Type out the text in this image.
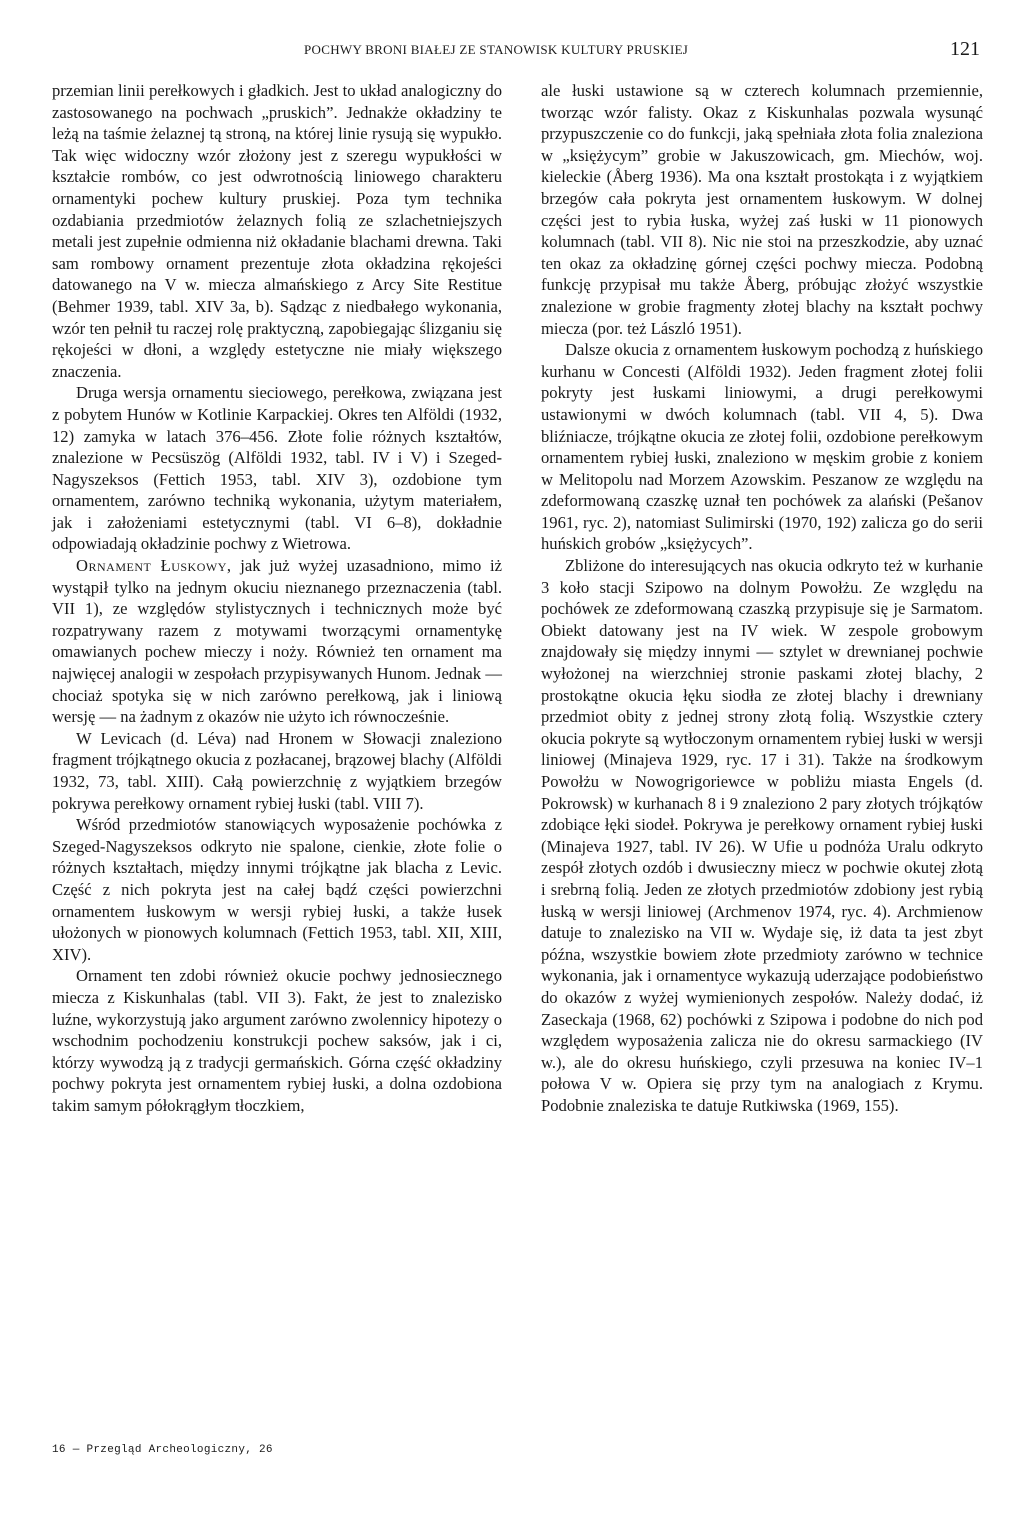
POCHWY BRONI BIAŁEJ ZE STANOWISK KULTURY PRUSKIEJ	121

przemian linii perełkowych i gładkich. Jest to układ analogiczny do zastosowanego na pochwach „pruskich”. Jednakże okładziny te leżą na taśmie żelaznej tą stroną, na której linie rysują się wypukło. Tak więc widoczny wzór złożony jest z szeregu wypukłości w kształcie rombów, co jest odwrotnością liniowego charakteru ornamentyki pochew kultury pruskiej. Poza tym technika ozdabiania przedmiotów żelaznych folią ze szlachetniejszych metali jest zupełnie odmienna niż okładanie blachami drewna. Taki sam rombowy ornament prezentuje złota okładzina rękojeści datowanego na V w. miecza almańskiego z Arcy Site Restitue (Behmer 1939, tabl. XIV 3a, b). Sądząc z niedbałego wykonania, wzór ten pełnił tu raczej rolę praktyczną, zapobiegając ślizganiu się rękojeści w dłoni, a względy estetyczne nie miały większego znaczenia.

Druga wersja ornamentu sieciowego, perełkowa, związana jest z pobytem Hunów w Kotlinie Karpackiej. Okres ten Alföldi (1932, 12) zamyka w latach 376–456. Złote folie różnych kształtów, znalezione w Pecsüszög (Alföldi 1932, tabl. IV i V) i Szeged-Nagyszeksos (Fettich 1953, tabl. XIV 3), ozdobione tym ornamentem, zarówno techniką wykonania, użytym materiałem, jak i założeniami estetycznymi (tabl. VI 6–8), dokładnie odpowiadają okładzinie pochwy z Wietrowa.

Ornament Łuskowy, jak już wyżej uzasadniono, mimo iż wystąpił tylko na jednym okuciu nieznanego przeznaczenia (tabl. VII 1), ze względów stylistycznych i technicznych może być rozpatrywany razem z motywami tworzącymi ornamentykę omawianych pochew mieczy i noży. Również ten ornament ma najwięcej analogii w zespołach przypisywanych Hunom. Jednak — chociaż spotyka się w nich zarówno perełkową, jak i liniową wersję — na żadnym z okazów nie użyto ich równocześnie.

W Levicach (d. Léva) nad Hronem w Słowacji znaleziono fragment trójkątnego okucia z pozłacanej, brązowej blachy (Alföldi 1932, 73, tabl. XIII). Całą powierzchnię z wyjątkiem brzegów pokrywa perełkowy ornament rybiej łuski (tabl. VIII 7).

Wśród przedmiotów stanowiących wyposażenie pochówka z Szeged-Nagyszeksos odkryto nie spalone, cienkie, złote folie o różnych kształtach, między innymi trójkątne jak blacha z Levic. Część z nich pokryta jest na całej bądź części powierzchni ornamentem łuskowym w wersji rybiej łuski, a także łusek ułożonych w pionowych kolumnach (Fettich 1953, tabl. XII, XIII, XIV).

Ornament ten zdobi również okucie pochwy jednosiecznego miecza z Kiskunhalas (tabl. VII 3). Fakt, że jest to znalezisko luźne, wykorzystują jako argument zarówno zwolennicy hipotezy o wschodnim pochodzeniu konstrukcji pochew saksów, jak i ci, którzy wywodzą ją z tradycji germańskich. Górna część okładziny pochwy pokryta jest ornamentem rybiej łuski, a dolna ozdobiona takim samym półokrągłym tłoczkiem,

ale łuski ustawione są w czterech kolumnach przemiennie, tworząc wzór falisty. Okaz z Kiskunhalas pozwala wysunąć przypuszczenie co do funkcji, jaką spełniała złota folia znaleziona w „księżycym” grobie w Jakuszowicach, gm. Miechów, woj. kieleckie (Åberg 1936). Ma ona kształt prostokąta i z wyjątkiem brzegów cała pokryta jest ornamentem łuskowym. W dolnej części jest to rybia łuska, wyżej zaś łuski w 11 pionowych kolumnach (tabl. VII 8). Nic nie stoi na przeszkodzie, aby uznać ten okaz za okładzinę górnej części pochwy miecza. Podobną funkcję przypisał mu także Åberg, próbując złożyć wszystkie znalezione w grobie fragmenty złotej blachy na kształt pochwy miecza (por. też László 1951).

Dalsze okucia z ornamentem łuskowym pochodzą z huńskiego kurhanu w Concesti (Alföldi 1932). Jeden fragment złotej folii pokryty jest łuskami liniowymi, a drugi perełkowymi ustawionymi w dwóch kolumnach (tabl. VII 4, 5). Dwa bliźniacze, trójkątne okucia ze złotej folii, ozdobione perełkowym ornamentem rybiej łuski, znaleziono w męskim grobie z koniem w Melitopolu nad Morzem Azowskim. Peszanow ze względu na zdeformowaną czaszkę uznał ten pochówek za alański (Pešanov 1961, ryc. 2), natomiast Sulimirski (1970, 192) zalicza go do serii huńskich grobów „księżycych”.

Zbliżone do interesujących nas okucia odkryto też w kurhanie 3 koło stacji Szipowo na dolnym Powołżu. Ze względu na pochówek ze zdeformowaną czaszką przypisuje się je Sarmatom. Obiekt datowany jest na IV wiek. W zespole grobowym znajdowały się między innymi — sztylet w drewnianej pochwie wyłożonej na wierzchniej stronie paskami złotej blachy, 2 prostokątne okucia łęku siodła ze złotej blachy i drewniany przedmiot obity z jednej strony złotą folią. Wszystkie cztery okucia pokryte są wytłoczonym ornamentem rybiej łuski w wersji liniowej (Minajeva 1929, ryc. 17 i 31). Także na środkowym Powołżu w Nowogrigoriewce w pobliżu miasta Engels (d. Pokrowsk) w kurhanach 8 i 9 znaleziono 2 pary złotych trójkątów zdobiące łęki siodeł. Pokrywa je perełkowy ornament rybiej łuski (Minajeva 1927, tabl. IV 26). W Ufie u podnóża Uralu odkryto zespół złotych ozdób i dwusieczny miecz w pochwie okutej złotą i srebrną folią. Jeden ze złotych przedmiotów zdobiony jest rybią łuską w wersji liniowej (Archmenov 1974, ryc. 4). Archmienow datuje to znalezisko na VII w. Wydaje się, iż data ta jest zbyt późna, wszystkie bowiem złote przedmioty zarówno w technice wykonania, jak i ornamentyce wykazują uderzające podobieństwo do okazów z wyżej wymienionych zespołów. Należy dodać, iż Zaseckaja (1968, 62) pochówki z Szipowa i podobne do nich pod względem wyposażenia zalicza nie do okresu sarmackiego (IV w.), ale do okresu huńskiego, czyli przesuwa na koniec IV–1 połowa V w. Opiera się przy tym na analogiach z Krymu. Podobnie znaleziska te datuje Rutkiwska (1969, 155).

16 — Przegląd Archeologiczny, 26
